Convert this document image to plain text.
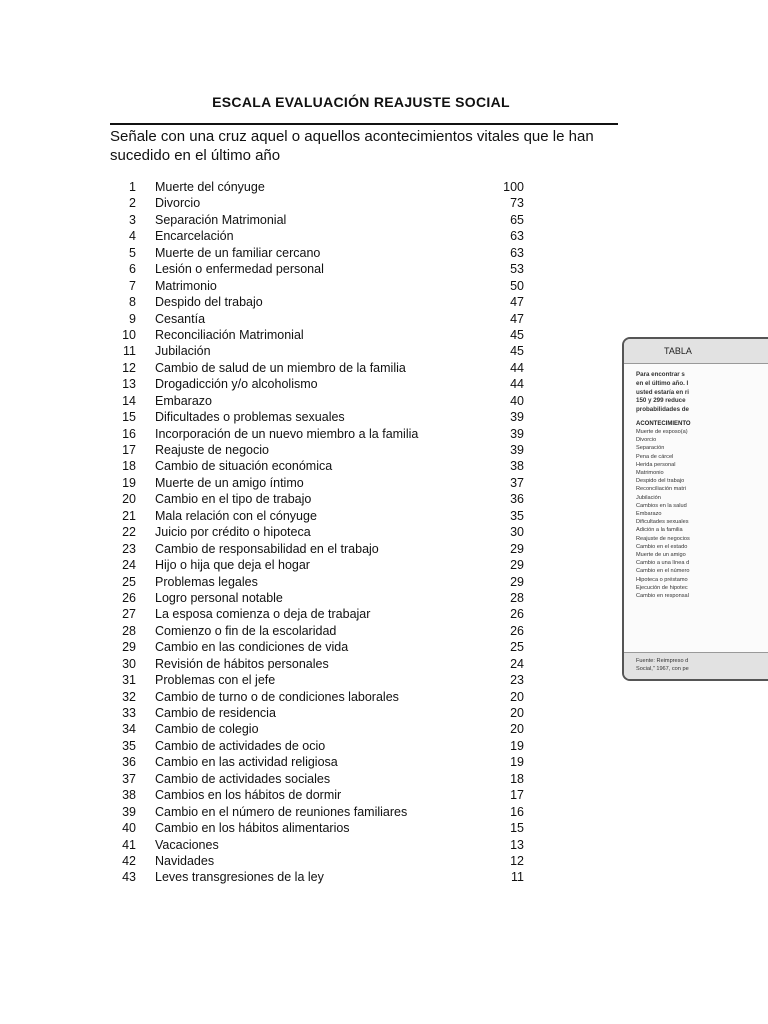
ESCALA EVALUACIÓN REAJUSTE SOCIAL
Señale con una cruz aquel o aquellos acontecimientos vitales que le han sucedido en el último año
1 Muerte del cónyuge	100
2 Divorcio	73
3 Separación Matrimonial	65
4 Encarcelación	63
5 Muerte de un familiar cercano	63
6 Lesión o enfermedad personal	53
7 Matrimonio	50
8 Despido del trabajo	47
9 Cesantía	47
10 Reconciliación Matrimonial	45
11 Jubilación	45
12 Cambio de salud de un miembro de la familia	44
13 Drogadicción y/o alcoholismo	44
14 Embarazo	40
15 Dificultades o problemas sexuales	39
16 Incorporación de un nuevo miembro a la familia	39
17 Reajuste de negocio	39
18 Cambio de situación económica	38
19 Muerte de un amigo íntimo	37
20 Cambio en el tipo de trabajo	36
21 Mala relación con el cónyuge	35
22 Juicio por crédito o hipoteca	30
23 Cambio de responsabilidad en el trabajo	29
24 Hijo o hija que deja el hogar	29
25 Problemas legales	29
26 Logro personal notable	28
27 La esposa comienza o deja de trabajar	26
28 Comienzo o fin de la escolaridad	26
29 Cambio en las condiciones de vida	25
30 Revisión de hábitos personales	24
31 Problemas con el jefe	23
32 Cambio de turno o de condiciones laborales	20
33 Cambio de residencia	20
34 Cambio de colegio	20
35 Cambio de actividades de ocio	19
36 Cambio en las actividad religiosa	19
37 Cambio de actividades sociales	18
38 Cambios en los hábitos de dormir	17
39 Cambio en el número de reuniones familiares	16
40 Cambio en los hábitos alimentarios	15
41 Vacaciones	13
42 Navidades	12
43 Leves transgresiones de la ley	11
TABLA
Para encontrar s
en el último año. I
usted estaría en ri
150 y 299 reduce
probabilidades de
ACONTECIMIENTO
Muerte de esposo(a)
Divorcio
Separación
Pena de cárcel
Herida personal
Matrimonio
Despido del trabajo
Reconciliación matri
Jubilación
Cambios en la salud
Embarazo
Dificultades sexuales
Adición a la familia
Reajuste de negocios
Cambio en el estado
Muerte de un amigo
Cambio a una línea d
Cambio en el número
Hipoteca o préstamo
Ejecución de hipotec
Cambio en responsal
Fuente: Reimpreso d
Social," 1967, con pe
